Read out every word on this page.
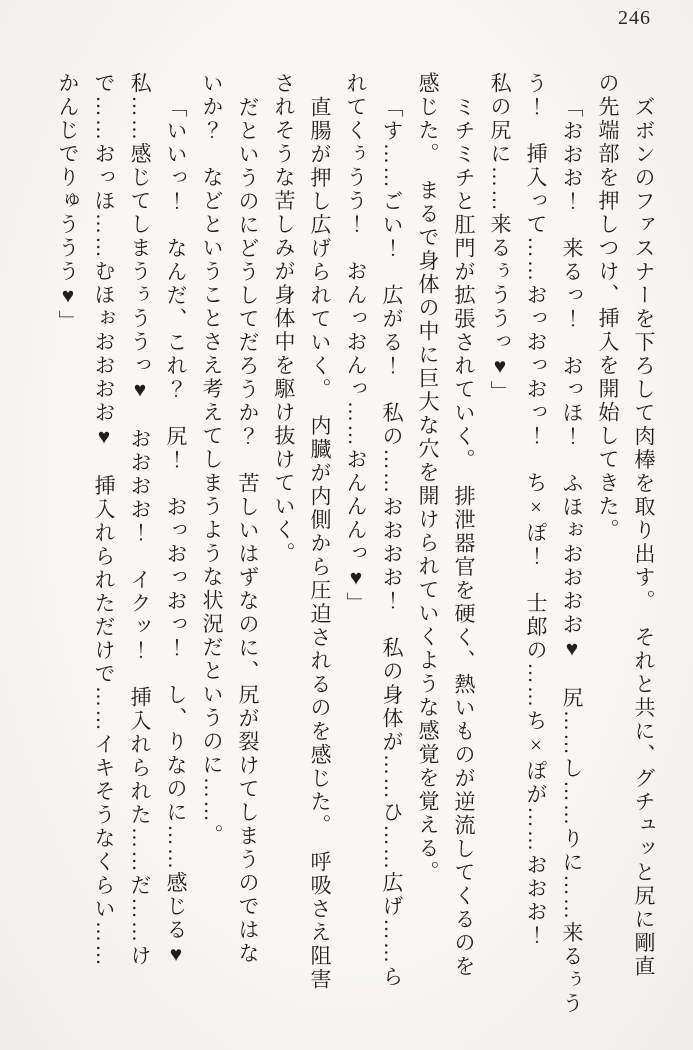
246
ズボンのファスナーを下ろして肉棒を取り出す。　それと共に、グチュッと尻に剛直
の先端部を押しつけ、挿入を開始してきた。
「おおお！　来るっ！　おっほ！　ふほぉおおおお♥　尻……し……りに……来るぅう
う！　挿入って……おっおっおっ！　ち×ぽ！　士郎の……ち×ぽが……おおお！
私の尻に……来るぅううっ♥」
ミチミチと肛門が拡張されていく。　排泄器官を硬く、熱いものが逆流してくるのを
感じた。　まるで身体の中に巨大な穴を開けられていくような感覚を覚える。
「す……ごい！　広がる！　私の……おおおお！　私の身体が……ひ……広げ……ら
れてくぅうう！　おんっおんっ……おんんんっ♥」
直腸が押し広げられていく。　内臓が内側から圧迫されるのを感じた。　呼吸さえ阻害
されそうな苦しみが身体中を駆け抜けていく。
だというのにどうしてだろうか？　苦しいはずなのに、尻が裂けてしまうのではな
いか？　などということさえ考えてしまうような状況だというのに……。
「いいっ！　なんだ、これ？　尻！　おっおっおっ！　し、りなのに……感じる♥
私……感じてしまうぅううっ♥　おおおお！　イクッ！　挿入れられた……だ……け
で……おっほ……むほぉおおおお♥　挿入れられただけで……イキそうなくらい……
かんじでりゅううう♥」
